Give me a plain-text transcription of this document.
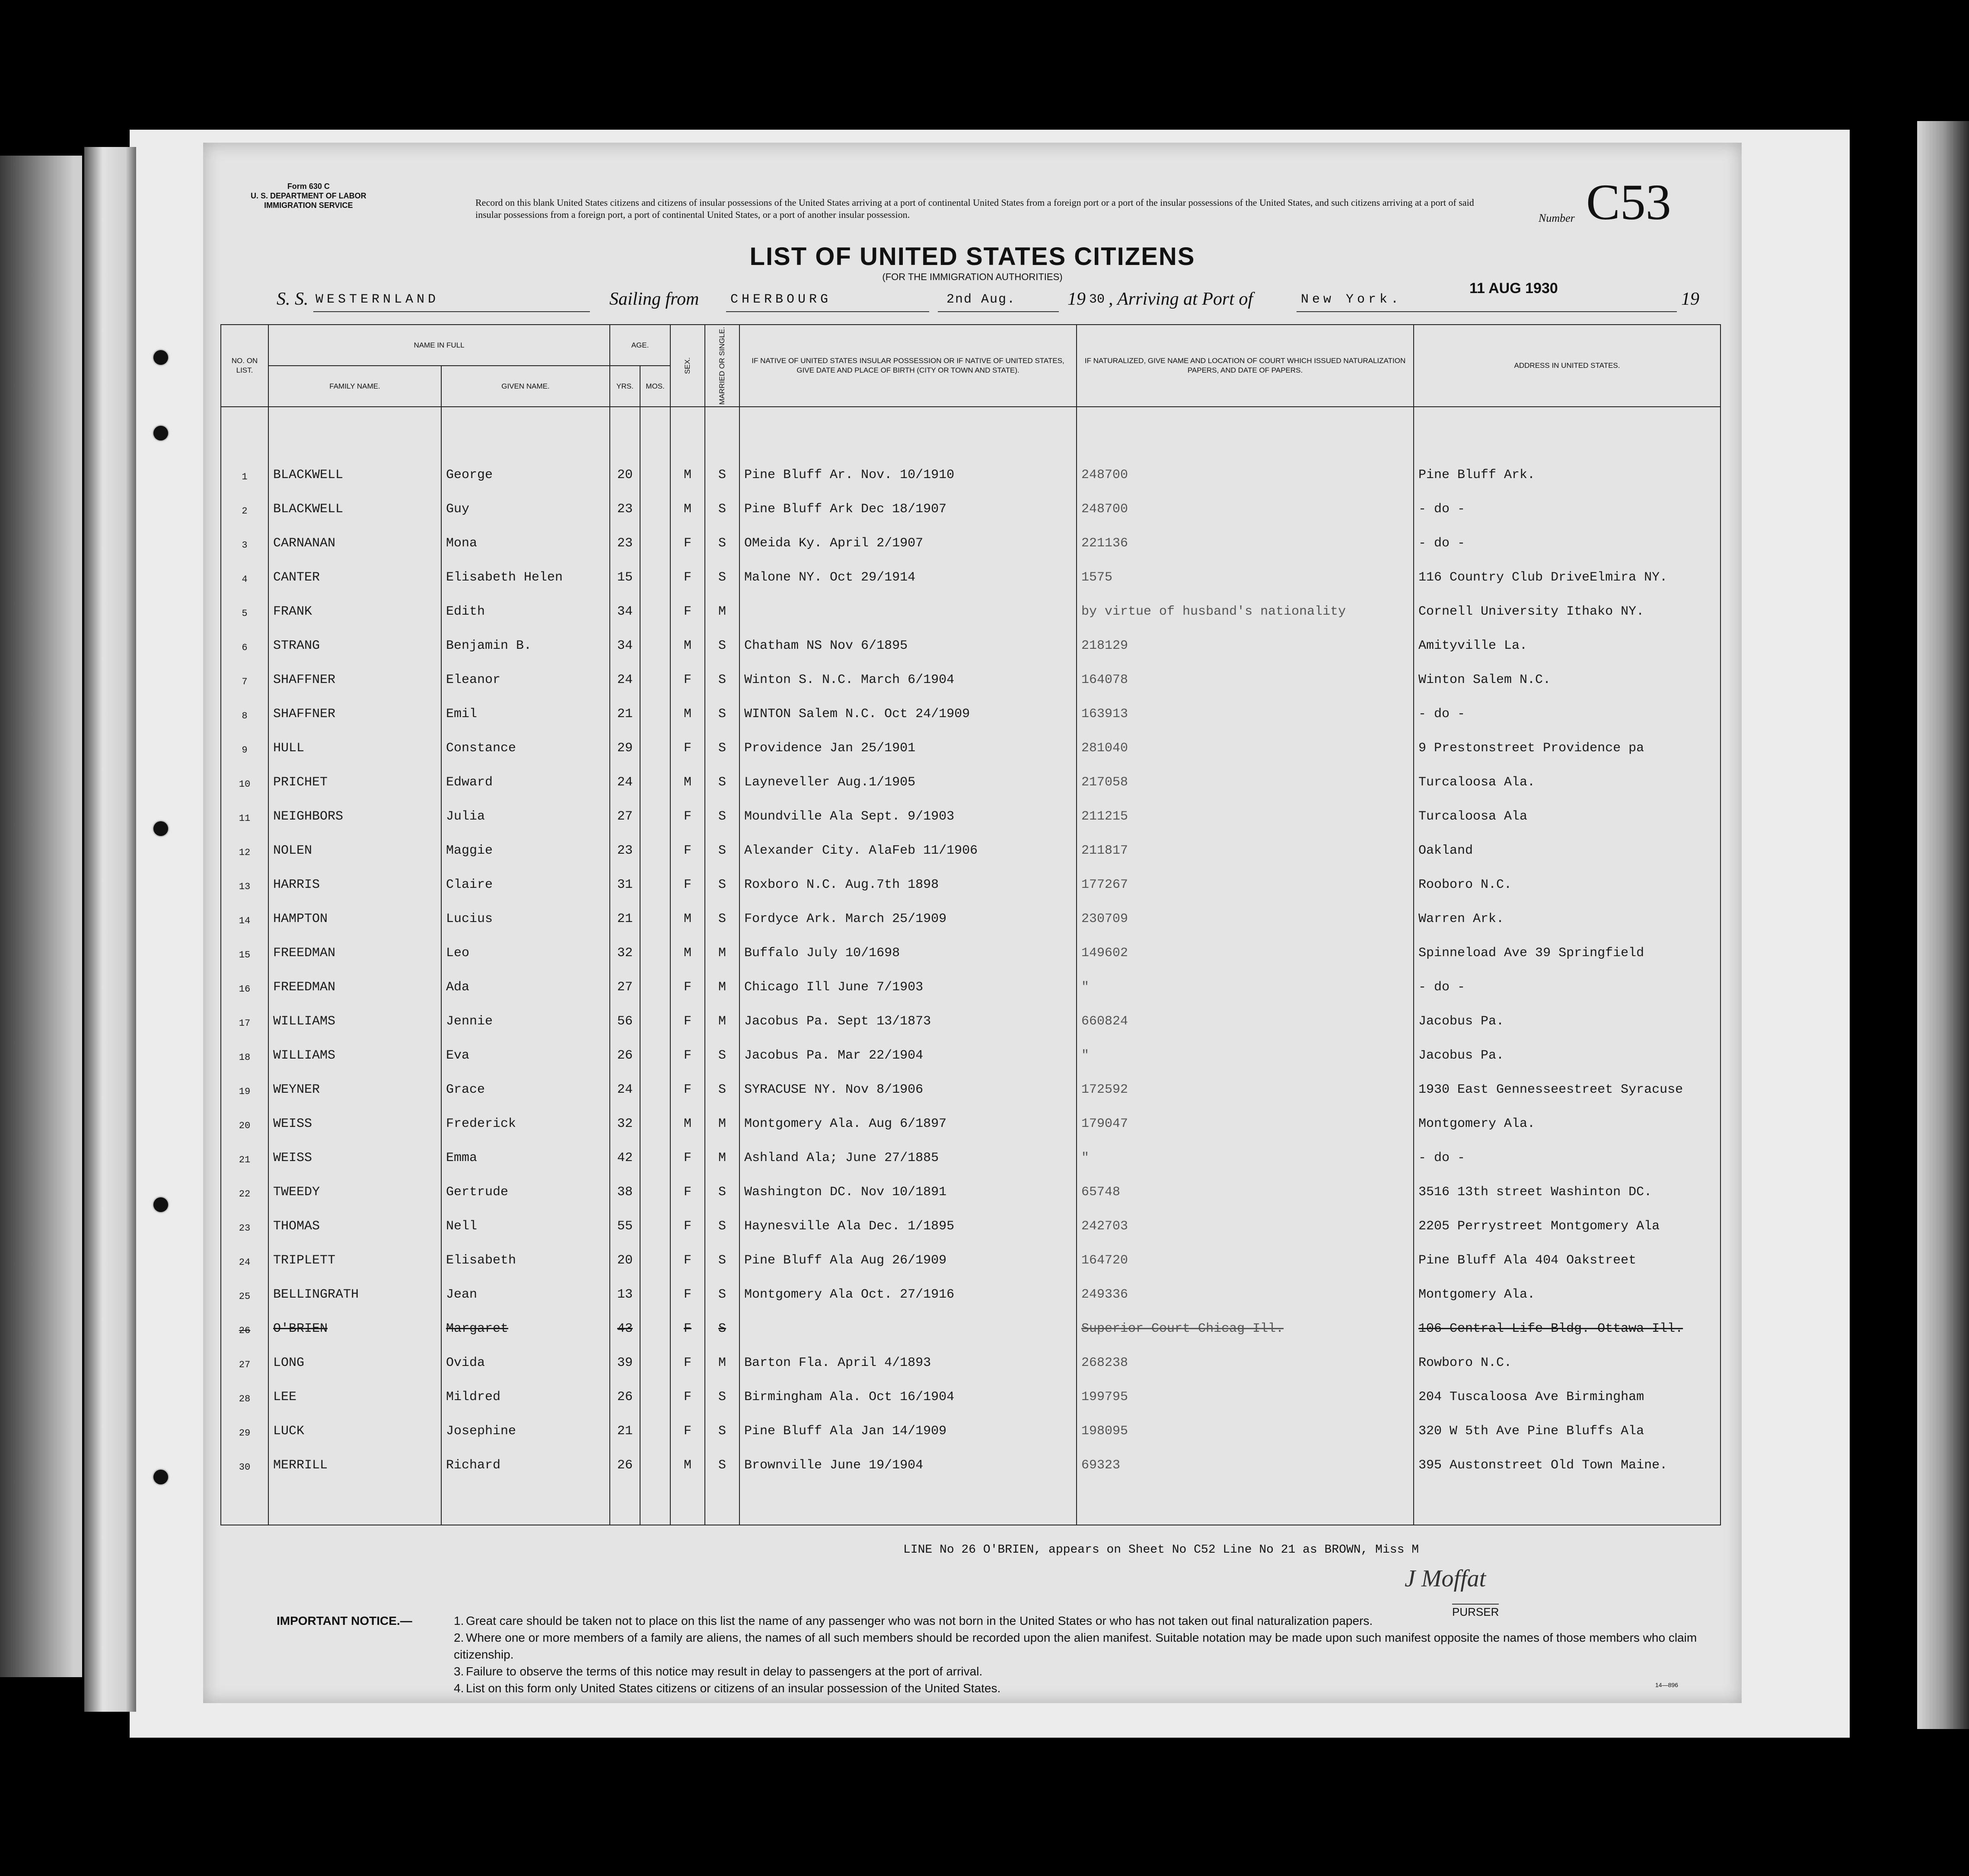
Form 630 C
U. S. DEPARTMENT OF LABOR
IMMIGRATION SERVICE	Record on this blank United States citizens and citizens of insular possessions of the United States arriving at a port of continental United States from a foreign port or a port of the insular possessions of the United States, and such citizens arriving at a port of said insular possessions from a foreign port, a port of continental United States, or a port of another insular possession.	Number C53
LIST OF UNITED STATES CITIZENS
(FOR THE IMMIGRATION AUTHORITIES)
S. S. WESTERNLAND	Sailing from CHERBOURG	2nd Aug.	19 30 , Arriving at Port of	New York.
11 AUG 1930
19
NO. ON LIST.	NAME IN FULL		AGE.		SEX.	MARRIED OR SINGLE.	IF NATIVE OF UNITED STATES INSULAR POSSESSION OR IF NATIVE OF UNITED STATES, GIVE DATE AND PLACE OF BIRTH (CITY OR TOWN AND STATE).	IF NATURALIZED, GIVE NAME AND LOCATION OF COURT WHICH ISSUED NATURALIZATION PAPERS, AND DATE OF PAPERS.	ADDRESS IN UNITED STATES.
	FAMILY NAME.	GIVEN NAME.	YRS.	MOS.					

1	BLACKWELL	George	20		M	S	Pine Bluff Ar. Nov. 10/1910	248700	Pine Bluff Ark.
2	BLACKWELL	Guy	23		M	S	Pine Bluff Ark Dec 18/1907	248700	- do -
3	CARNANAN	Mona	23		F	S	OMeida Ky. April 2/1907	221136	- do -
4	CANTER	Elisabeth Helen	15		F	S	Malone NY. Oct 29/1914	1575	116 Country Club DriveElmira NY.
5	FRANK	Edith	34		F	M		by virtue of husband's nationality	Cornell University Ithako NY.
6	STRANG	Benjamin B.	34		M	S	Chatham NS Nov 6/1895	218129	Amityville La.
7	SHAFFNER	Eleanor	24		F	S	Winton S. N.C. March 6/1904	164078	Winton Salem N.C.
8	SHAFFNER	Emil	21		M	S	WINTON Salem N.C. Oct 24/1909	163913	- do -
9	HULL	Constance	29		F	S	Providence Jan 25/1901	281040	9 Prestonstreet Providence pa
10	PRICHET	Edward	24		M	S	Layneveller Aug.1/1905	217058	Turcaloosa Ala.
11	NEIGHBORS	Julia	27		F	S	Moundville Ala Sept. 9/1903	211215	Turcaloosa Ala
12	NOLEN	Maggie	23		F	S	Alexander City. AlaFeb 11/1906	211817	Oakland
13	HARRIS	Claire	31		F	S	Roxboro N.C. Aug.7th 1898	177267	Rooboro N.C.
14	HAMPTON	Lucius	21		M	S	Fordyce Ark. March 25/1909	230709	Warren Ark.
15	FREEDMAN	Leo	32		M	M	Buffalo July 10/1698	149602	Spinneload Ave 39 Springfield
16	FREEDMAN	Ada	27		F	M	Chicago Ill June 7/1903	"	- do -
17	WILLIAMS	Jennie	56		F	M	Jacobus Pa. Sept 13/1873	660824	Jacobus Pa.
18	WILLIAMS	Eva	26		F	S	Jacobus Pa. Mar 22/1904	"	Jacobus Pa.
19	WEYNER	Grace	24		F	S	SYRACUSE NY. Nov 8/1906	172592	1930 East Gennesseestreet Syracuse
20	WEISS	Frederick	32		M	M	Montgomery Ala. Aug 6/1897	179047	Montgomery Ala.
21	WEISS	Emma	42		F	M	Ashland Ala; June 27/1885	"	- do -
22	TWEEDY	Gertrude	38		F	S	Washington DC. Nov 10/1891	65748	3516 13th street Washinton DC.
23	THOMAS	Nell	55		F	S	Haynesville Ala Dec. 1/1895	242703	2205 Perrystreet Montgomery Ala
24	TRIPLETT	Elisabeth	20		F	S	Pine Bluff Ala Aug 26/1909	164720	Pine Bluff Ala 404 Oakstreet
25	BELLINGRATH	Jean	13		F	S	Montgomery Ala Oct. 27/1916	249336	Montgomery Ala.
26	O'BRIEN	Margaret	43		F	S		Superior Court Chicag Ill.	106 Central Life Bldg. Ottawa Ill.
27	LONG	Ovida	39		F	M	Barton Fla. April 4/1893	268238	Rowboro N.C.
28	LEE	Mildred	26		F	S	Birmingham Ala. Oct 16/1904	199795	204 Tuscaloosa Ave Birmingham
29	LUCK	Josephine	21		F	S	Pine Bluff Ala Jan 14/1909	198095	320 W 5th Ave Pine Bluffs Ala
30	MERRILL	Richard	26		M	S	Brownville June 19/1904	69323	395 Austonstreet Old Town Maine.

LINE No 26 O'BRIEN, appears on Sheet No C52 Line No 21 as BROWN, Miss M
J Moffat
PURSER
IMPORTANT NOTICE.—	1. Great care should be taken not to place on this list the name of any passenger who was not born in the United States or who has not taken out final naturalization papers.
2. Where one or more members of a family are aliens, the names of all such members should be recorded upon the alien manifest. Suitable notation may be made upon such manifest opposite the names of those members who claim citizenship.
3. Failure to observe the terms of this notice may result in delay to passengers at the port of arrival.
4. List on this form only United States citizens or citizens of an insular possession of the United States.	14—896
